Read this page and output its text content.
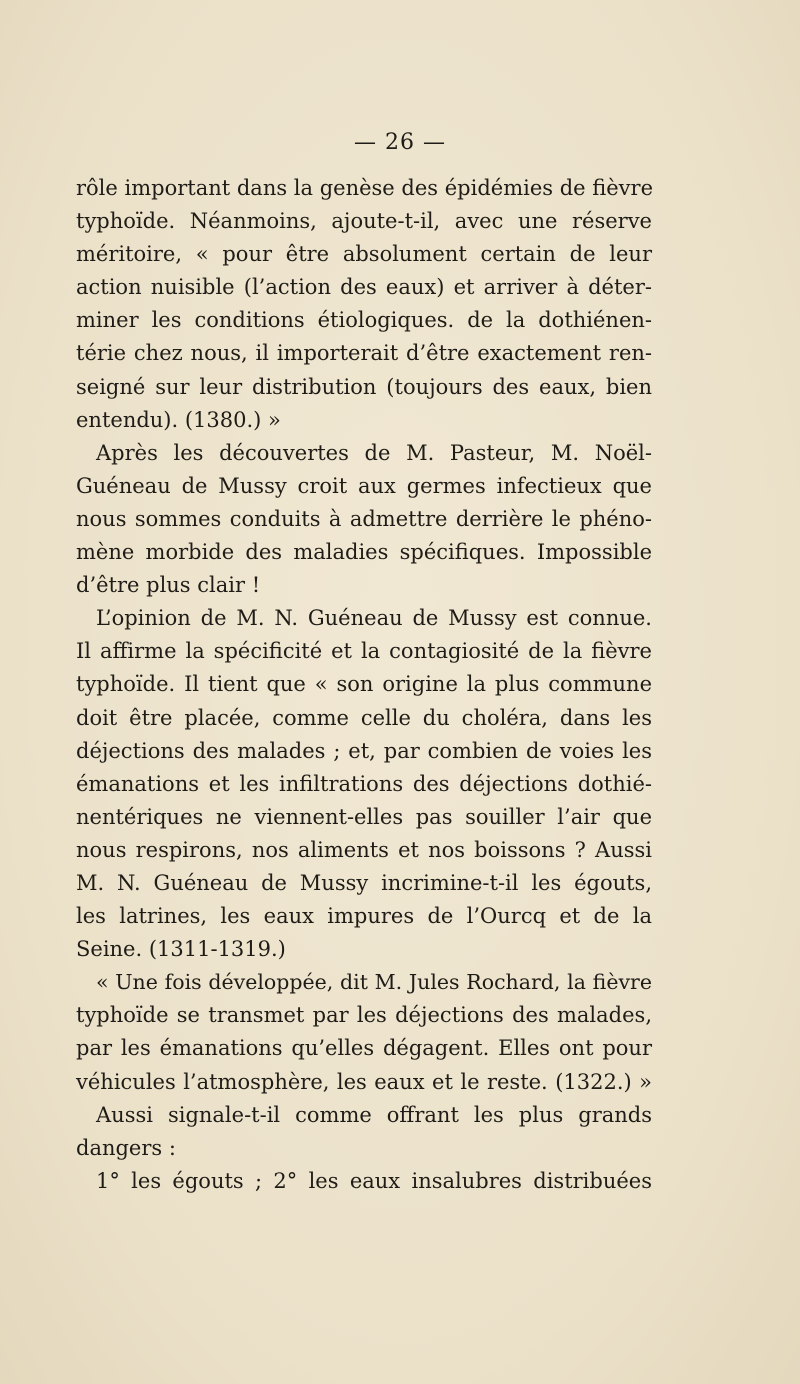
— 26 —
rôle important dans la genèse des épidémies de fièvre
typhoïde. Néanmoins, ajoute-t-il, avec une réserve
méritoire, « pour être absolument certain de leur
action nuisible (l’action des eaux) et arriver à déter-
miner les conditions étiologiques. de la dothiénen-
térie chez nous, il importerait d’être exactement ren-
seigné sur leur distribution (toujours des eaux, bien
entendu). (1380.) »
Après les découvertes de M. Pasteur, M. Noël-
Guéneau de Mussy croit aux germes infectieux que
nous sommes conduits à admettre derrière le phéno-
mène morbide des maladies spécifiques. Impossible
d’être plus clair !
L’opinion de M. N. Guéneau de Mussy est connue.
Il affirme la spécificité et la contagiosité de la fièvre
typhoïde. Il tient que « son origine la plus commune
doit être placée, comme celle du choléra, dans les
déjections des malades ; et, par combien de voies les
émanations et les infiltrations des déjections dothié-
nentériques ne viennent-elles pas souiller l’air que
nous respirons, nos aliments et nos boissons ? Aussi
M. N. Guéneau de Mussy incrimine-t-il les égouts,
les latrines, les eaux impures de l’Ourcq et de la
Seine. (1311-1319.)
« Une fois développée, dit M. Jules Rochard, la fièvre
typhoïde se transmet par les déjections des malades,
par les émanations qu’elles dégagent. Elles ont pour
véhicules l’atmosphère, les eaux et le reste. (1322.) »
Aussi signale-t-il comme offrant les plus grands
dangers :
1° les égouts ; 2° les eaux insalubres distribuées
